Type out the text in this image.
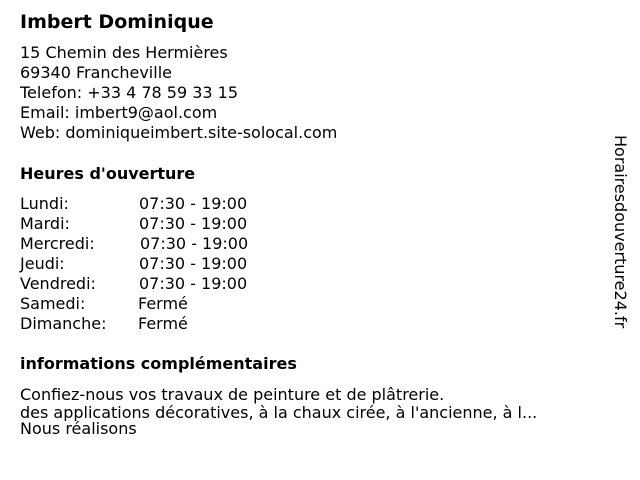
Imbert Dominique
15 Chemin des Hermières
69340 Francheville
Telefon: +33 4 78 59 33 15
Email: imbert9@aol.com
Web: dominiqueimbert.site-solocal.com
Heures d'ouverture
Lundi:	07:30 - 19:00
Mardi:	07:30 - 19:00
Mercredi:	07:30 - 19:00
Jeudi:	07:30 - 19:00
Vendredi:	07:30 - 19:00
Samedi:	Fermé
Dimanche: Fermé
informations complémentaires
Confiez-nous vos travaux de peinture et de plâtrerie.
des applications décoratives, à la chaux cirée, à l'ancienne, à l...
Nous réalisons
Horairesdouverture24.fr
